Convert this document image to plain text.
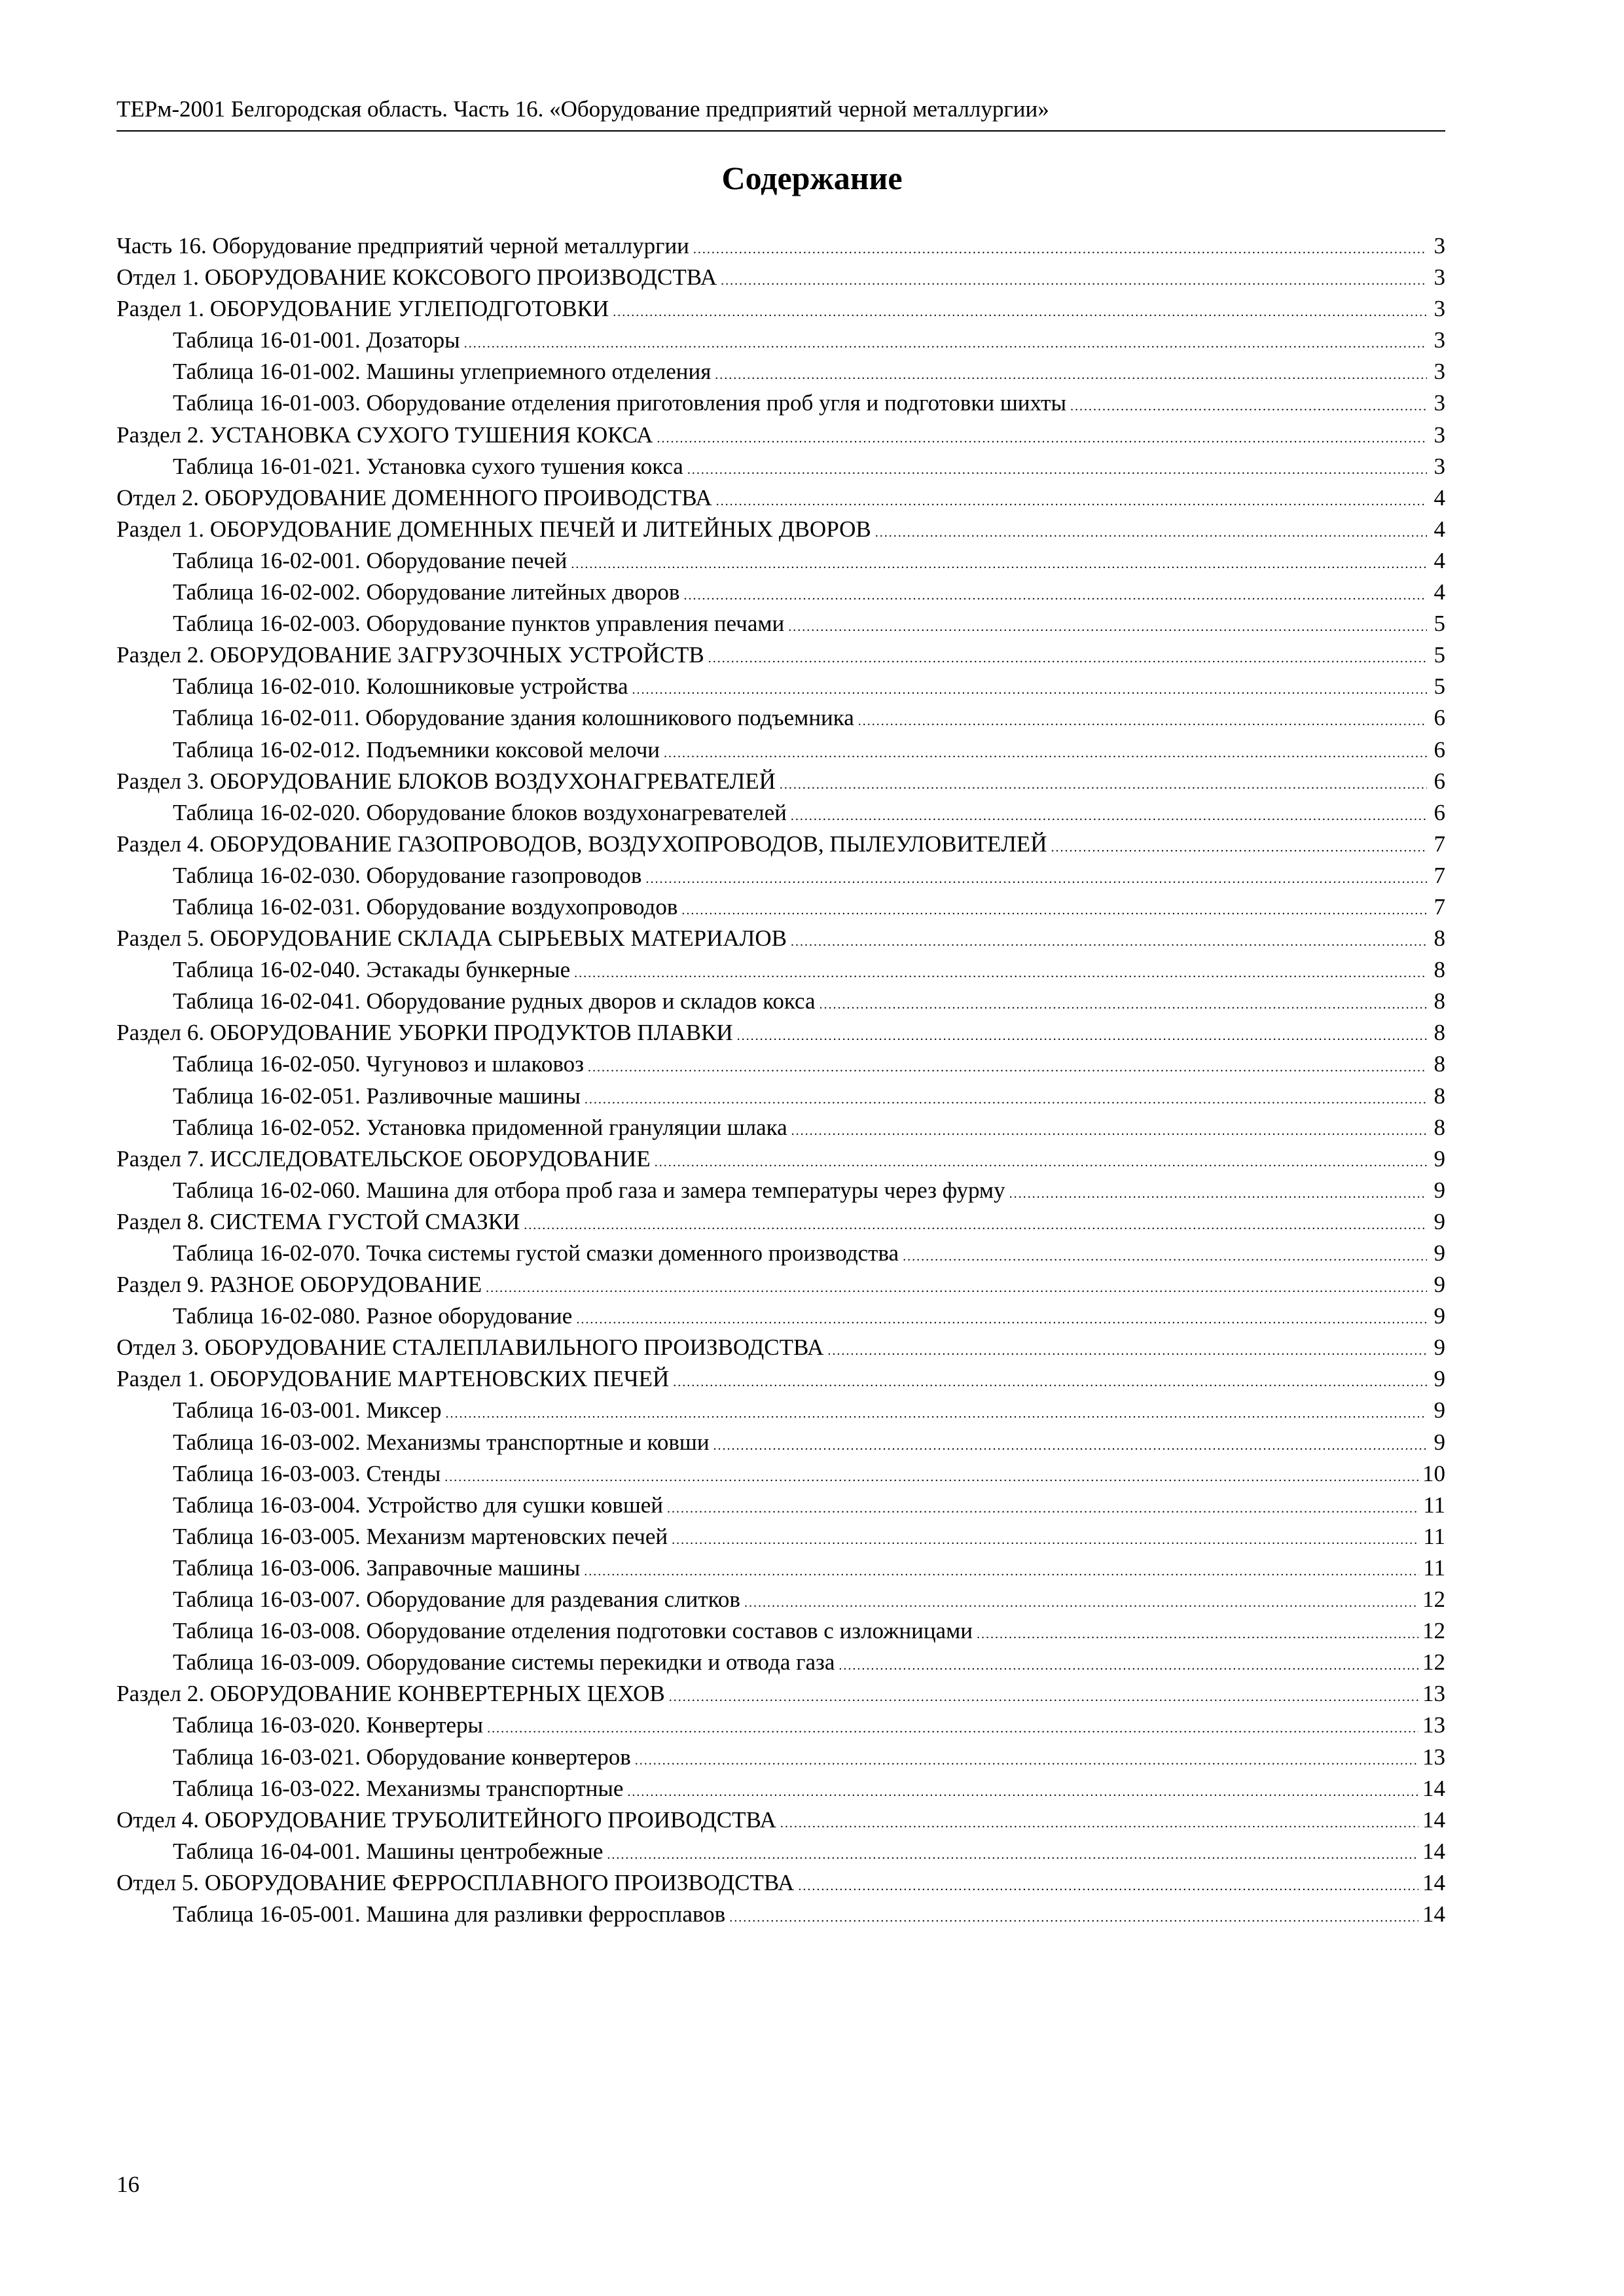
ТЕРм-2001 Белгородская область. Часть 16. «Оборудование предприятий черной металлургии»
Содержание
Часть 16. Оборудование предприятий черной металлургии .....	3
Отдел 1. ОБОРУДОВАНИЕ КОКСОВОГО ПРОИЗВОДСТВА .....	3
Раздел 1. ОБОРУДОВАНИЕ УГЛЕПОДГОТОВКИ .....	3
Таблица 16-01-001. Дозаторы .....	3
Таблица 16-01-002. Машины углеприемного отделения .....	3
Таблица 16-01-003. Оборудование отделения приготовления проб угля и подготовки шихты .....	3
Раздел 2. УСТАНОВКА СУХОГО ТУШЕНИЯ КОКСА .....	3
Таблица 16-01-021. Установка сухого тушения кокса .....	3
Отдел 2. ОБОРУДОВАНИЕ ДОМЕННОГО ПРОИВОДСТВА .....	4
Раздел 1. ОБОРУДОВАНИЕ ДОМЕННЫХ ПЕЧЕЙ И ЛИТЕЙНЫХ ДВОРОВ .....	4
Таблица 16-02-001. Оборудование печей .....	4
Таблица 16-02-002. Оборудование литейных дворов .....	4
Таблица 16-02-003. Оборудование пунктов управления печами .....	5
Раздел 2. ОБОРУДОВАНИЕ ЗАГРУЗОЧНЫХ УСТРОЙСТВ .....	5
Таблица 16-02-010. Колошниковые устройства .....	5
Таблица 16-02-011. Оборудование здания колошникового подъемника .....	6
Таблица 16-02-012. Подъемники коксовой мелочи .....	6
Раздел 3. ОБОРУДОВАНИЕ БЛОКОВ ВОЗДУХОНАГРЕВАТЕЛЕЙ .....	6
Таблица 16-02-020. Оборудование блоков воздухонагревателей .....	6
Раздел 4. ОБОРУДОВАНИЕ ГАЗОПРОВОДОВ, ВОЗДУХОПРОВОДОВ, ПЫЛЕУЛОВИТЕЛЕЙ .....	7
Таблица 16-02-030. Оборудование газопроводов .....	7
Таблица 16-02-031. Оборудование воздухопроводов .....	7
Раздел 5. ОБОРУДОВАНИЕ СКЛАДА СЫРЬЕВЫХ МАТЕРИАЛОВ .....	8
Таблица 16-02-040. Эстакады бункерные .....	8
Таблица 16-02-041. Оборудование рудных дворов и складов кокса .....	8
Раздел 6. ОБОРУДОВАНИЕ УБОРКИ ПРОДУКТОВ ПЛАВКИ .....	8
Таблица 16-02-050. Чугуновоз и шлаковоз .....	8
Таблица 16-02-051. Разливочные машины .....	8
Таблица 16-02-052. Установка придоменной грануляции шлака .....	8
Раздел 7. ИССЛЕДОВАТЕЛЬСКОЕ ОБОРУДОВАНИЕ .....	9
Таблица 16-02-060. Машина для отбора проб газа и замера температуры через фурму .....	9
Раздел 8. СИСТЕМА ГУСТОЙ СМАЗКИ .....	9
Таблица 16-02-070. Точка системы густой смазки доменного производства .....	9
Раздел 9. РАЗНОЕ ОБОРУДОВАНИЕ .....	9
Таблица 16-02-080. Разное оборудование .....	9
Отдел 3. ОБОРУДОВАНИЕ СТАЛЕПЛАВИЛЬНОГО ПРОИЗВОДСТВА .....	9
Раздел 1. ОБОРУДОВАНИЕ МАРТЕНОВСКИХ ПЕЧЕЙ .....	9
Таблица 16-03-001. Миксер .....	9
Таблица 16-03-002. Механизмы транспортные и ковши .....	9
Таблица 16-03-003. Стенды .....	10
Таблица 16-03-004. Устройство для сушки ковшей .....	11
Таблица 16-03-005. Механизм мартеновских печей .....	11
Таблица 16-03-006. Заправочные машины .....	11
Таблица 16-03-007. Оборудование для раздевания слитков .....	12
Таблица 16-03-008. Оборудование отделения подготовки составов с изложницами .....	12
Таблица 16-03-009. Оборудование системы перекидки и отвода газа .....	12
Раздел 2. ОБОРУДОВАНИЕ КОНВЕРТЕРНЫХ ЦЕХОВ .....	13
Таблица 16-03-020. Конвертеры .....	13
Таблица 16-03-021. Оборудование конвертеров .....	13
Таблица 16-03-022. Механизмы транспортные .....	14
Отдел 4. ОБОРУДОВАНИЕ ТРУБОЛИТЕЙНОГО ПРОИВОДСТВА .....	14
Таблица 16-04-001. Машины центробежные .....	14
Отдел 5. ОБОРУДОВАНИЕ ФЕРРОСПЛАВНОГО ПРОИЗВОДСТВА .....	14
Таблица 16-05-001. Машина для разливки ферросплавов .....	14
16
